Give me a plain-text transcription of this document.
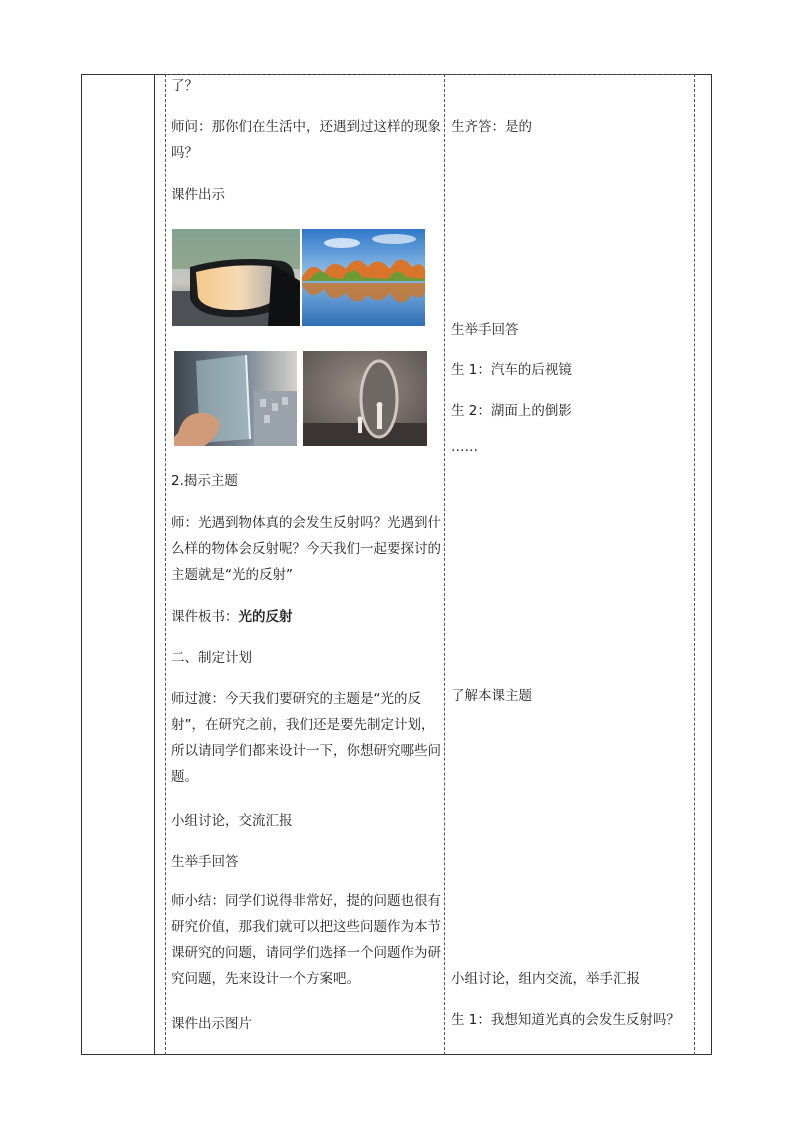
了？
师问：那你们在生活中，还遇到过这样的现象吗？
课件出示
2.揭示主题
师：光遇到物体真的会发生反射吗？光遇到什么样的物体会反射呢？今天我们一起要探讨的主题就是“光的反射”
课件板书：光的反射
二、制定计划
师过渡：今天我们要研究的主题是“光的反射”，在研究之前，我们还是要先制定计划，所以请同学们都来设计一下，你想研究哪些问题。
小组讨论，交流汇报
生举手回答
师小结：同学们说得非常好，提的问题也很有研究价值，那我们就可以把这些问题作为本节课研究的问题，请同学们选择一个问题作为研究问题，先来设计一个方案吧。
课件出示图片
生齐答：是的
生举手回答
生 1：汽车的后视镜
生 2：湖面上的倒影
……
了解本课主题
小组讨论，组内交流，举手汇报
生 1：我想知道光真的会发生反射吗？
